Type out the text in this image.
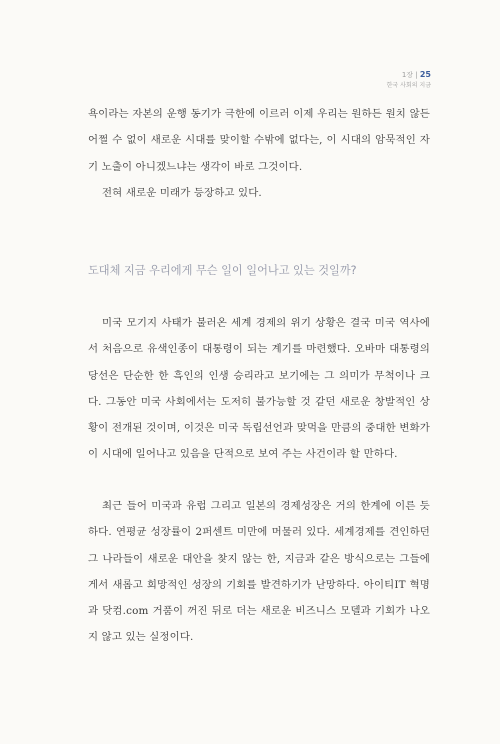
1장 | 25
한국 사회의 지금

욕이라는 자본의 운행 동기가 극한에 이르러 이제 우리는 원하든 원치 않든 어쩔 수 없이 새로운 시대를 맞이할 수밖에 없다는, 이 시대의 암묵적인 자기 노출이 아니겠느냐는 생각이 바로 그것이다.

전혀 새로운 미래가 등장하고 있다.

도대체 지금 우리에게 무슨 일이 일어나고 있는 것일까?

미국 모기지 사태가 불러온 세계 경제의 위기 상황은 결국 미국 역사에서 처음으로 유색인종이 대통령이 되는 계기를 마련했다. 오바마 대통령의 당선은 단순한 한 흑인의 인생 승리라고 보기에는 그 의미가 무척이나 크다. 그동안 미국 사회에서는 도저히 불가능할 것 같던 새로운 창발적인 상황이 전개된 것이며, 이것은 미국 독립선언과 맞먹을 만큼의 중대한 변화가 이 시대에 일어나고 있음을 단적으로 보여 주는 사건이라 할 만하다.

최근 들어 미국과 유럽 그리고 일본의 경제성장은 거의 한계에 이른 듯하다. 연평균 성장률이 2퍼센트 미만에 머물러 있다. 세계경제를 견인하던 그 나라들이 새로운 대안을 찾지 않는 한, 지금과 같은 방식으로는 그들에게서 새롭고 희망적인 성장의 기회를 발견하기가 난망하다. 아이티IT 혁명과 닷컴.com 거품이 꺼진 뒤로 더는 새로운 비즈니스 모델과 기회가 나오지 않고 있는 실정이다.
